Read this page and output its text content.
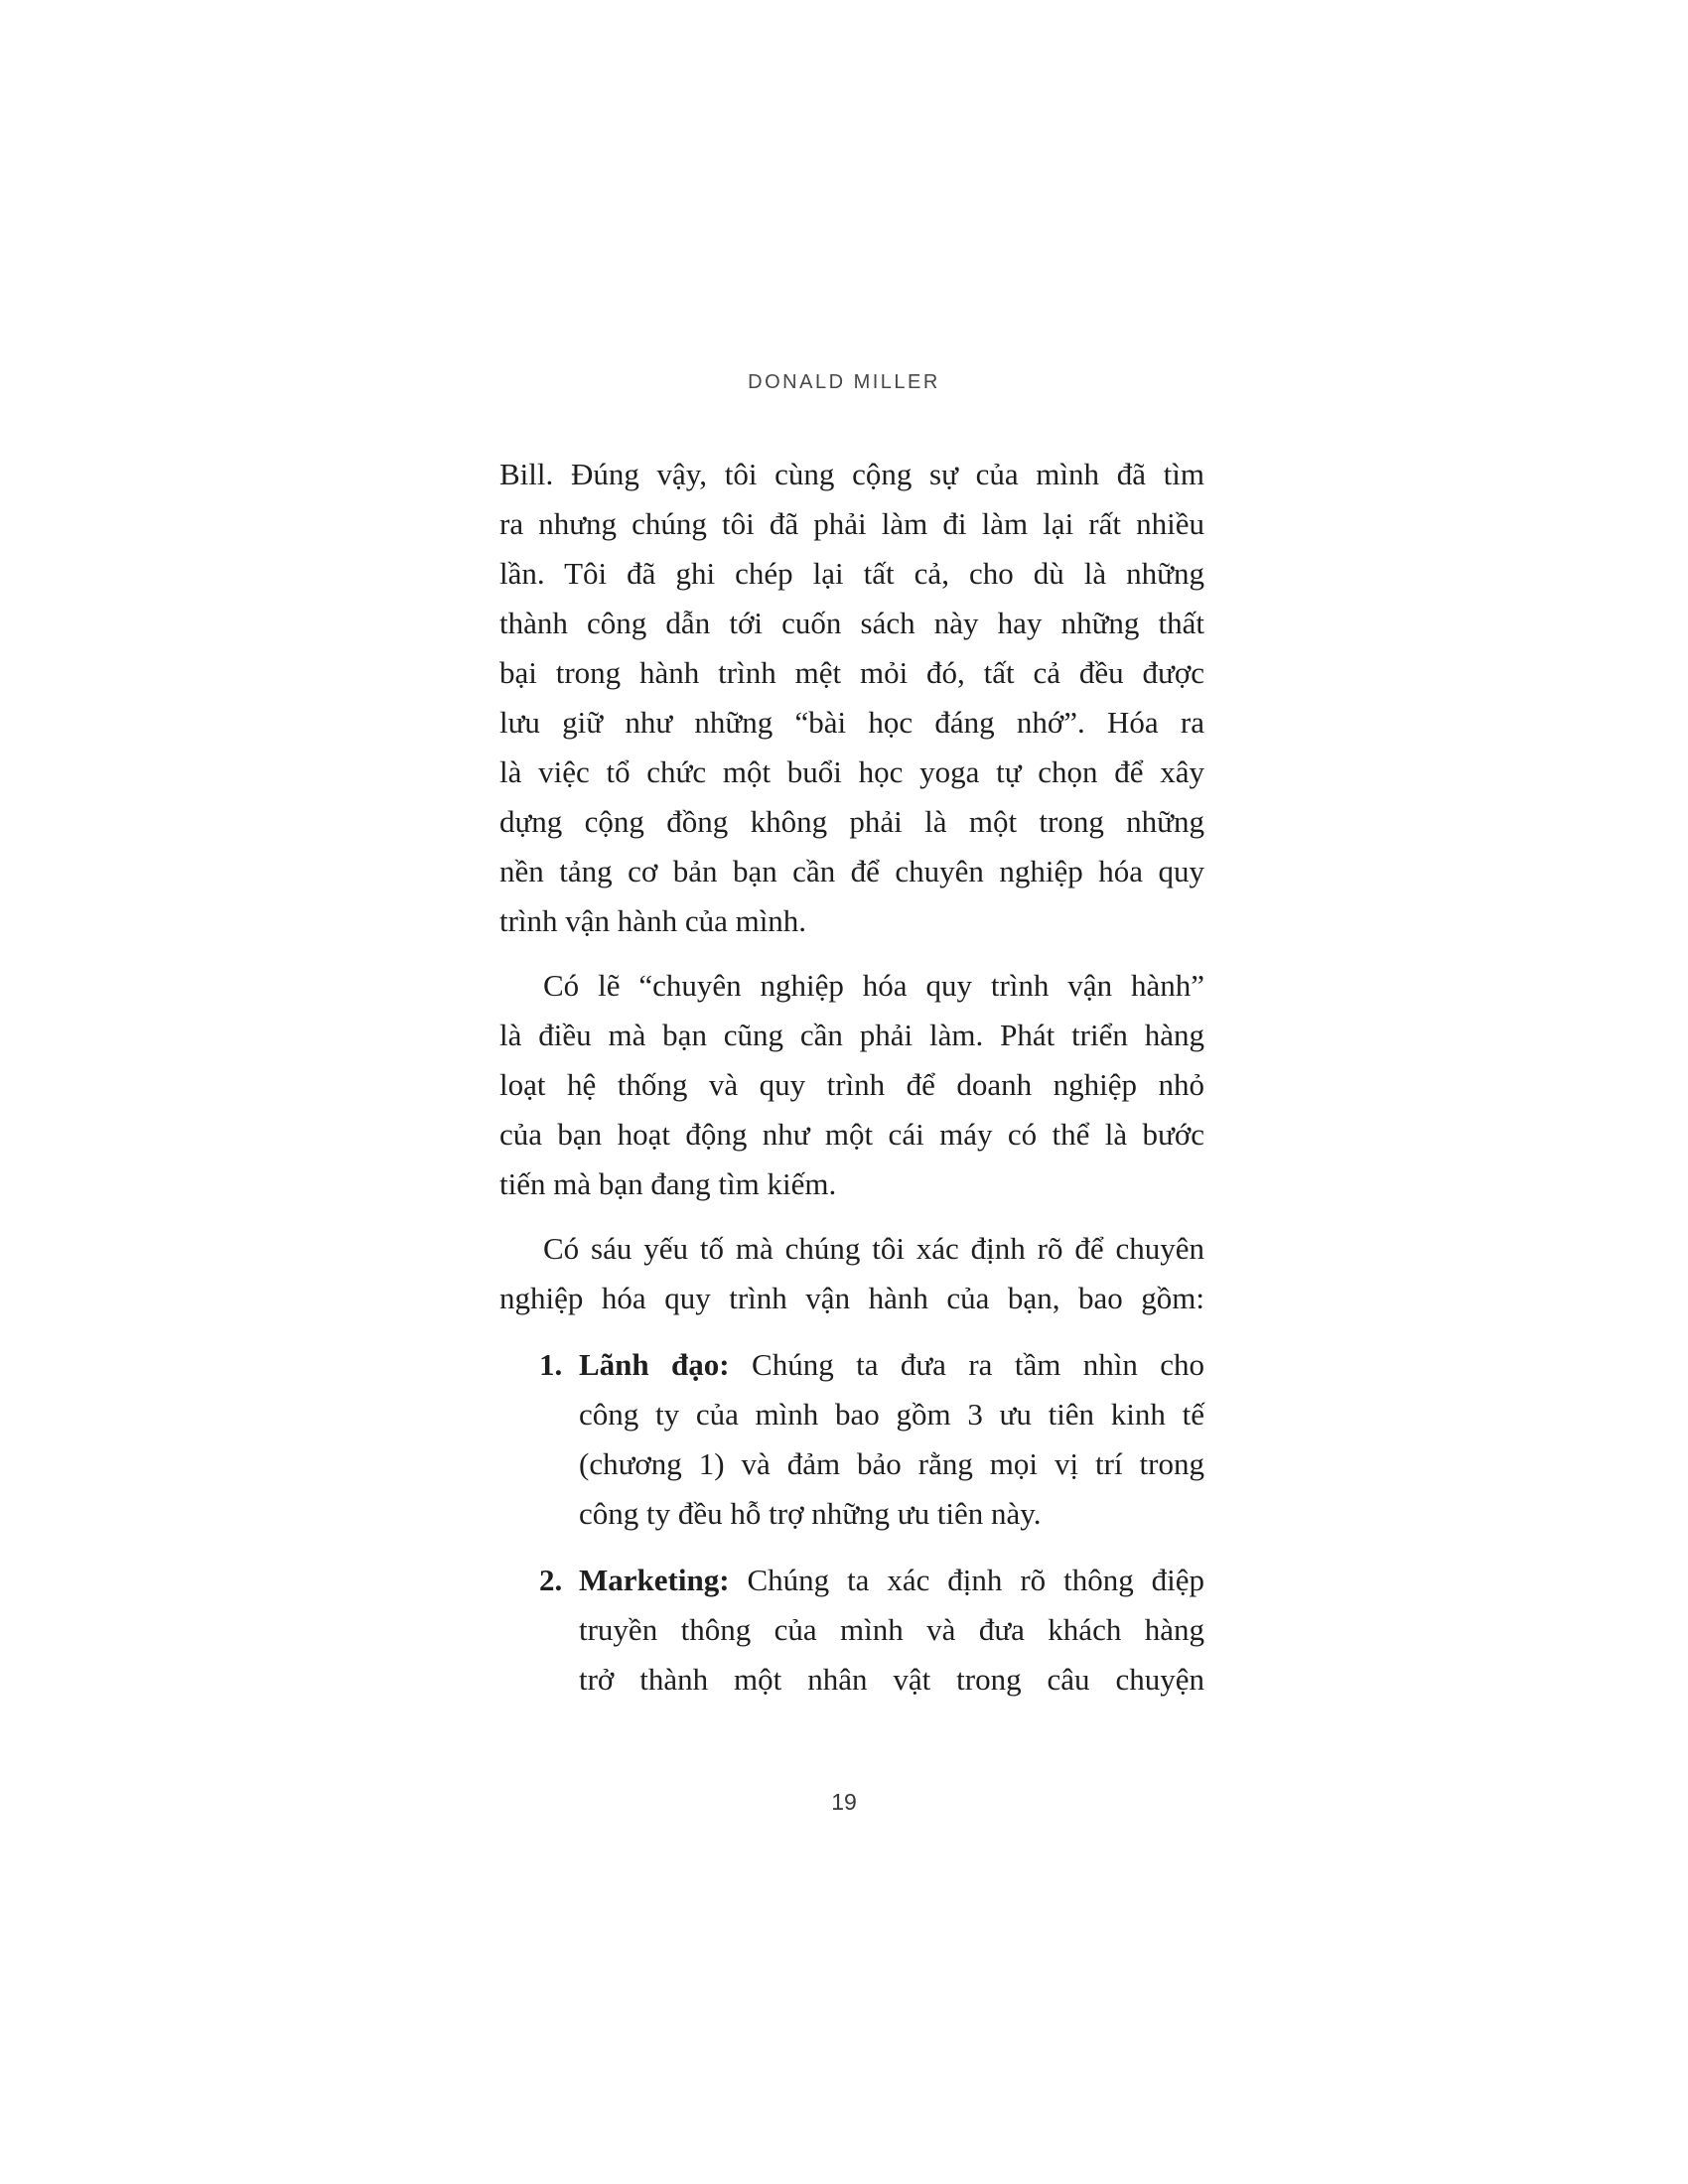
DONALD MILLER
Bill. Đúng vậy, tôi cùng cộng sự của mình đã tìm
ra nhưng chúng tôi đã phải làm đi làm lại rất nhiều
lần. Tôi đã ghi chép lại tất cả, cho dù là những
thành công dẫn tới cuốn sách này hay những thất
bại trong hành trình mệt mỏi đó, tất cả đều được
lưu giữ như những “bài học đáng nhớ”. Hóa ra
là việc tổ chức một buổi học yoga tự chọn để xây
dựng cộng đồng không phải là một trong những
nền tảng cơ bản bạn cần để chuyên nghiệp hóa quy
trình vận hành của mình.
Có lẽ “chuyên nghiệp hóa quy trình vận hành”
là điều mà bạn cũng cần phải làm. Phát triển hàng
loạt hệ thống và quy trình để doanh nghiệp nhỏ
của bạn hoạt động như một cái máy có thể là bước
tiến mà bạn đang tìm kiếm.
Có sáu yếu tố mà chúng tôi xác định rõ để chuyên
nghiệp hóa quy trình vận hành của bạn, bao gồm:
1. Lãnh đạo: Chúng ta đưa ra tầm nhìn cho
công ty của mình bao gồm 3 ưu tiên kinh tế
(chương 1) và đảm bảo rằng mọi vị trí trong
công ty đều hỗ trợ những ưu tiên này.
2. Marketing: Chúng ta xác định rõ thông điệp
truyền thông của mình và đưa khách hàng
trở thành một nhân vật trong câu chuyện
19
